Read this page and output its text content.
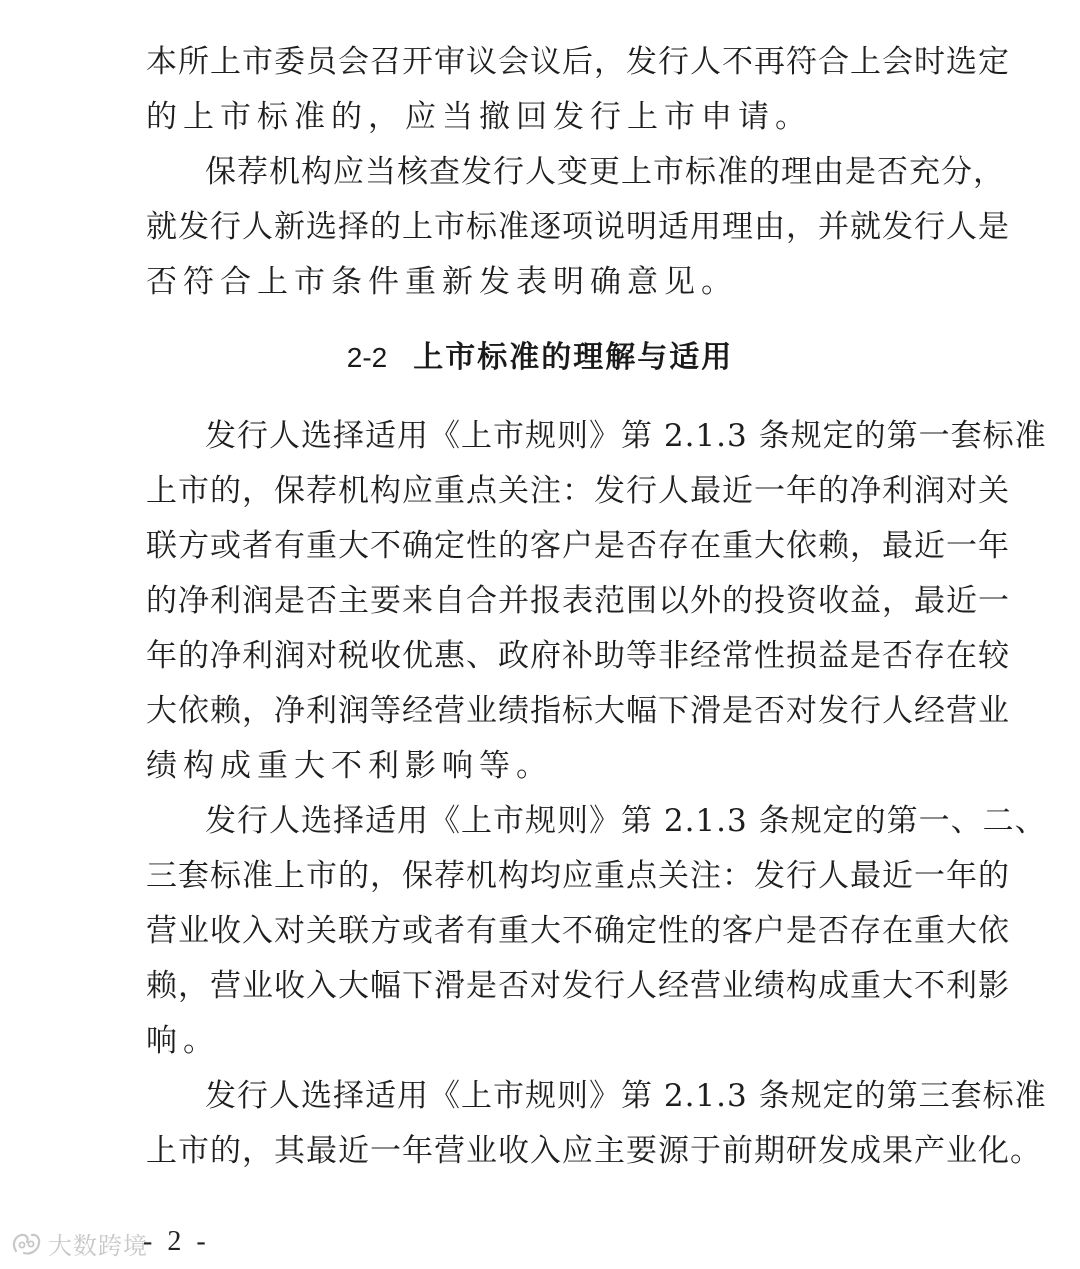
本所上市委员会召开审议会议后，发行人不再符合上会时选定
的上市标准的，应当撤回发行上市申请。
保荐机构应当核查发行人变更上市标准的理由是否充分，
就发行人新选择的上市标准逐项说明适用理由，并就发行人是
否符合上市条件重新发表明确意见。
2-2 上市标准的理解与适用
发行人选择适用《上市规则》第 2.1.3 条规定的第一套标准
上市的，保荐机构应重点关注：发行人最近一年的净利润对关
联方或者有重大不确定性的客户是否存在重大依赖，最近一年
的净利润是否主要来自合并报表范围以外的投资收益，最近一
年的净利润对税收优惠、政府补助等非经常性损益是否存在较
大依赖，净利润等经营业绩指标大幅下滑是否对发行人经营业
绩构成重大不利影响等。
发行人选择适用《上市规则》第 2.1.3 条规定的第一、二、
三套标准上市的，保荐机构均应重点关注：发行人最近一年的
营业收入对关联方或者有重大不确定性的客户是否存在重大依
赖，营业收入大幅下滑是否对发行人经营业绩构成重大不利影
响。
发行人选择适用《上市规则》第 2.1.3 条规定的第三套标准
上市的，其最近一年营业收入应主要源于前期研发成果产业化。
大数跨境
- 2 -
